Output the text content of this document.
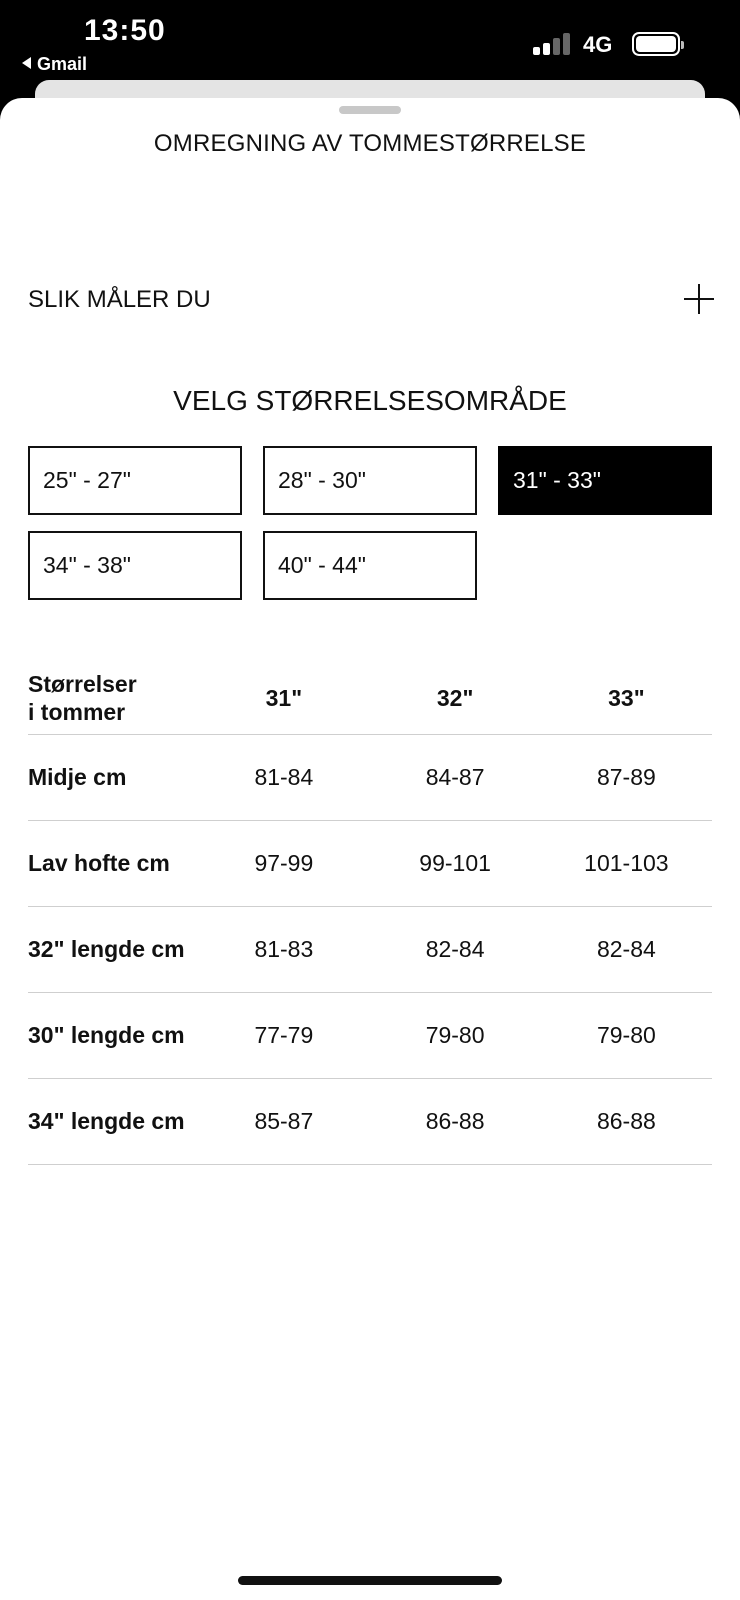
13:50
Gmail
4G
OMREGNING AV TOMMESTØRRELSE
SLIK MÅLER DU
VELG STØRRELSESOMRÅDE
25" - 27"	28" - 30"	31" - 33"
34" - 38"	40" - 44"
Størrelser
i tommer	31"	32"	33"
Midje cm	81-84	84-87	87-89
Lav hofte cm	97-99	99-101	101-103
32" lengde cm	81-83	82-84	82-84
30" lengde cm	77-79	79-80	79-80
34" lengde cm	85-87	86-88	86-88
